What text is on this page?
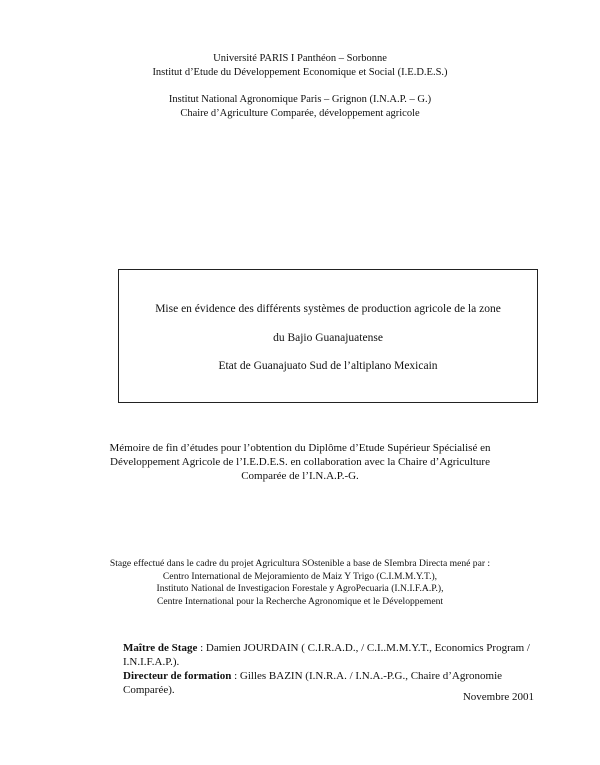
Université PARIS I Panthéon – Sorbonne
Institut d’Etude du Développement Economique et Social (I.E.D.E.S.)
Institut National Agronomique Paris – Grignon (I.N.A.P. – G.)
Chaire d’Agriculture Comparée, développement agricole
Mise en évidence des différents systèmes de production agricole de la zone
du Bajio Guanajuatense
Etat de Guanajuato Sud de l’altiplano Mexicain
Mémoire de fin d’études pour l’obtention du Diplôme d’Etude Supérieur Spécialisé en
Développement Agricole de l’I.E.D.E.S. en collaboration avec la Chaire d’Agriculture
Comparée de l’I.N.A.P.-G.
Stage effectué dans le cadre du projet Agricultura SOstenible a base de SIembra Directa mené par :
Centro International de Mejoramiento de Maiz Y Trigo (C.I.M.M.Y.T.),
Instituto National de Investigacion Forestale y AgroPecuaria (I.N.I.F.A.P.),
Centre International pour la Recherche Agronomique et le Développement
Maître de Stage : Damien JOURDAIN ( C.I.R.A.D., / C.I..M.M.Y.T., Economics Program /
I.N.I.F.A.P.).
Directeur de formation : Gilles BAZIN (I.N.R.A. / I.N.A.-P.G., Chaire d’Agronomie
Comparée).
Novembre 2001
